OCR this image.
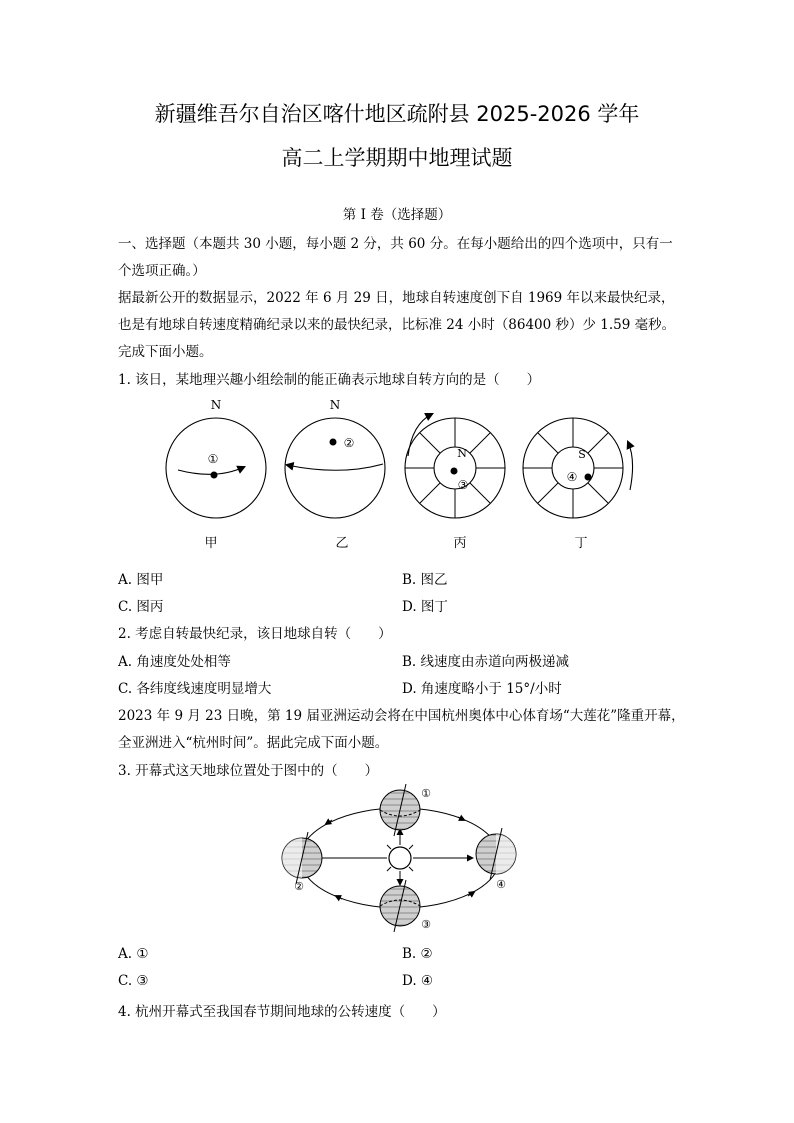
新疆维吾尔自治区喀什地区疏附县 2025-2026 学年
高二上学期期中地理试题
第 I 卷（选择题）
一、选择题（本题共 30 小题，每小题 2 分，共 60 分。在每小题给出的四个选项中，只有一
个选项正确。）
据最新公开的数据显示，2022 年 6 月 29 日，地球自转速度创下自 1969 年以来最快纪录，
也是有地球自转速度精确纪录以来的最快纪录，比标准 24 小时（86400 秒）少 1.59 毫秒。
完成下面小题。
1. 该日，某地理兴趣小组绘制的能正确表示地球自转方向的是（　　）
N
①
N
②
N
③
S
④
甲	乙	丙	丁
A. 图甲	B. 图乙
C. 图丙	D. 图丁
2. 考虑自转最快纪录，该日地球自转（　　）
A. 角速度处处相等	B. 线速度由赤道向两极递减
C. 各纬度线速度明显增大	D. 角速度略小于 15°/小时
2023 年 9 月 23 日晚，第 19 届亚洲运动会将在中国杭州奥体中心体育场“大莲花”隆重开幕，
全亚洲进入“杭州时间”。据此完成下面小题。
3. 开幕式这天地球位置处于图中的（　　）
①
②
③
④
A. ①	B. ②
C. ③	D. ④
4. 杭州开幕式至我国春节期间地球的公转速度（　　）
